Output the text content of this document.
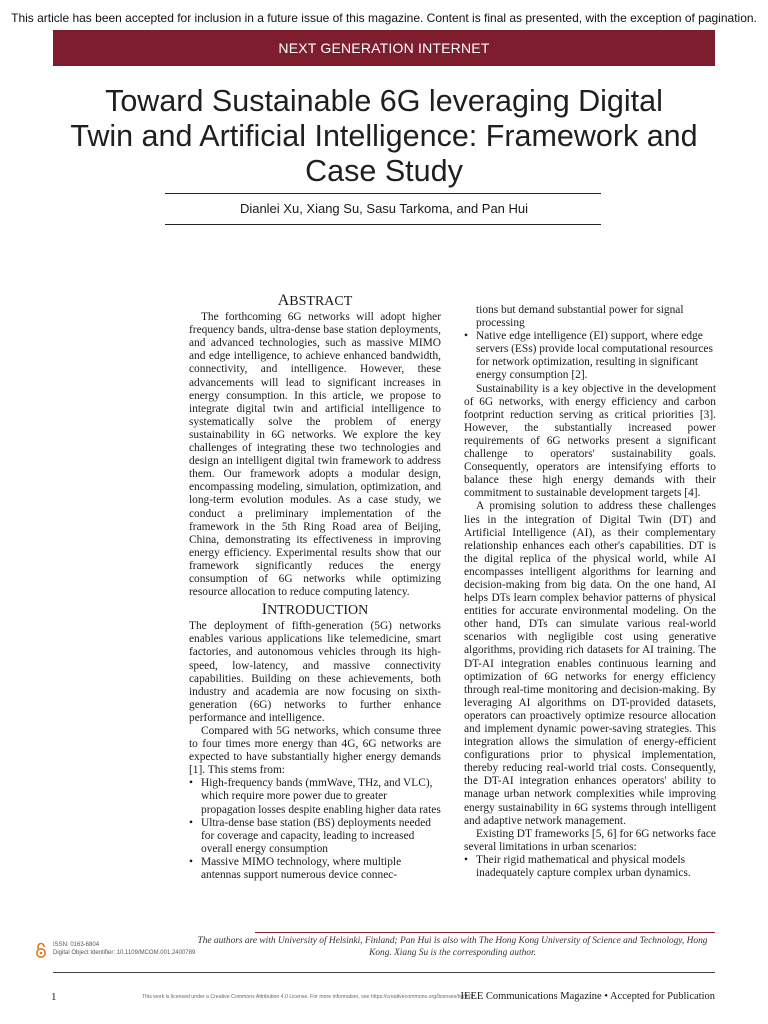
This article has been accepted for inclusion in a future issue of this magazine. Content is final as presented, with the exception of pagination.
NEXT GENERATION INTERNET
Toward Sustainable 6G leveraging Digital Twin and Artificial Intelligence: Framework and Case Study
Dianlei Xu, Xiang Su, Sasu Tarkoma, and Pan Hui
ABSTRACT

The forthcoming 6G networks will adopt higher frequency bands, ultra-dense base station deployments, and advanced technologies, such as massive MIMO and edge intelligence, to achieve enhanced bandwidth, connectivity, and intelligence. However, these advancements will lead to significant increases in energy consumption. In this article, we propose to integrate digital twin and artificial intelligence to systematically solve the problem of energy sustainability in 6G networks. We explore the key challenges of integrating these two technologies and design an intelligent digital twin framework to address them. Our framework adopts a modular design, encompassing modeling, simulation, optimization, and long-term evolution modules. As a case study, we conduct a preliminary implementation of the framework in the 5th Ring Road area of Beijing, China, demonstrating its effectiveness in improving energy efficiency. Experimental results show that our framework significantly reduces the energy consumption of 6G networks while optimizing resource allocation to reduce computing latency.

INTRODUCTION

The deployment of fifth-generation (5G) networks enables various applications like telemedicine, smart factories, and autonomous vehicles through its high-speed, low-latency, and massive connectivity capabilities. Building on these achievements, both industry and academia are now focusing on sixth-generation (6G) networks to further enhance performance and intelligence.

Compared with 5G networks, which consume three to four times more energy than 4G, 6G networks are expected to have substantially higher energy demands [1]. This stems from:

• High-frequency bands (mmWave, THz, and VLC), which require more power due to greater propagation losses despite enabling higher data rates
• Ultra-dense base station (BS) deployments needed for coverage and capacity, leading to increased overall energy consumption
• Massive MIMO technology, where multiple antennas support numerous device connec-
tions but demand substantial power for signal processing
• Native edge intelligence (EI) support, where edge servers (ESs) provide local computational resources for network optimization, resulting in significant energy consumption [2].

Sustainability is a key objective in the development of 6G networks, with energy efficiency and carbon footprint reduction serving as critical priorities [3]. However, the substantially increased power requirements of 6G networks present a significant challenge to operators' sustainability goals. Consequently, operators are intensifying efforts to balance these high energy demands with their commitment to sustainable development targets [4].

A promising solution to address these challenges lies in the integration of Digital Twin (DT) and Artificial Intelligence (AI), as their complementary relationship enhances each other's capabilities. DT is the digital replica of the physical world, while AI encompasses intelligent algorithms for learning and decision-making from big data. On the one hand, AI helps DTs learn complex behavior patterns of physical entities for accurate environmental modeling. On the other hand, DTs can simulate various real-world scenarios with negligible cost using generative algorithms, providing rich datasets for AI training. The DT-AI integration enables continuous learning and optimization of 6G networks for energy efficiency through real-time monitoring and decision-making. By leveraging AI algorithms on DT-provided datasets, operators can proactively optimize resource allocation and implement dynamic power-saving strategies. This integration allows the simulation of energy-efficient configurations prior to physical implementation, thereby reducing real-world trial costs. Consequently, the DT-AI integration enhances operators' ability to manage urban network complexities while improving energy sustainability in 6G systems through intelligent and adaptive network management.

Existing DT frameworks [5, 6] for 6G networks face several limitations in urban scenarios:

• Their rigid mathematical and physical models inadequately capture complex urban dynamics.
The authors are with University of Helsinki, Finland; Pan Hui is also with The Hong Kong University of Science and Technology, Hong Kong. Xiang Su is the corresponding author.
ISSN: 0163-6804
Digital Object Identifier: 10.1109/MCOM.001.2400789
1	This work is licensed under a Creative Commons Attribution 4.0 License. For more information, see https://creativecommons.org/licenses/by/4.0/
IEEE Communications Magazine • Accepted for Publication
